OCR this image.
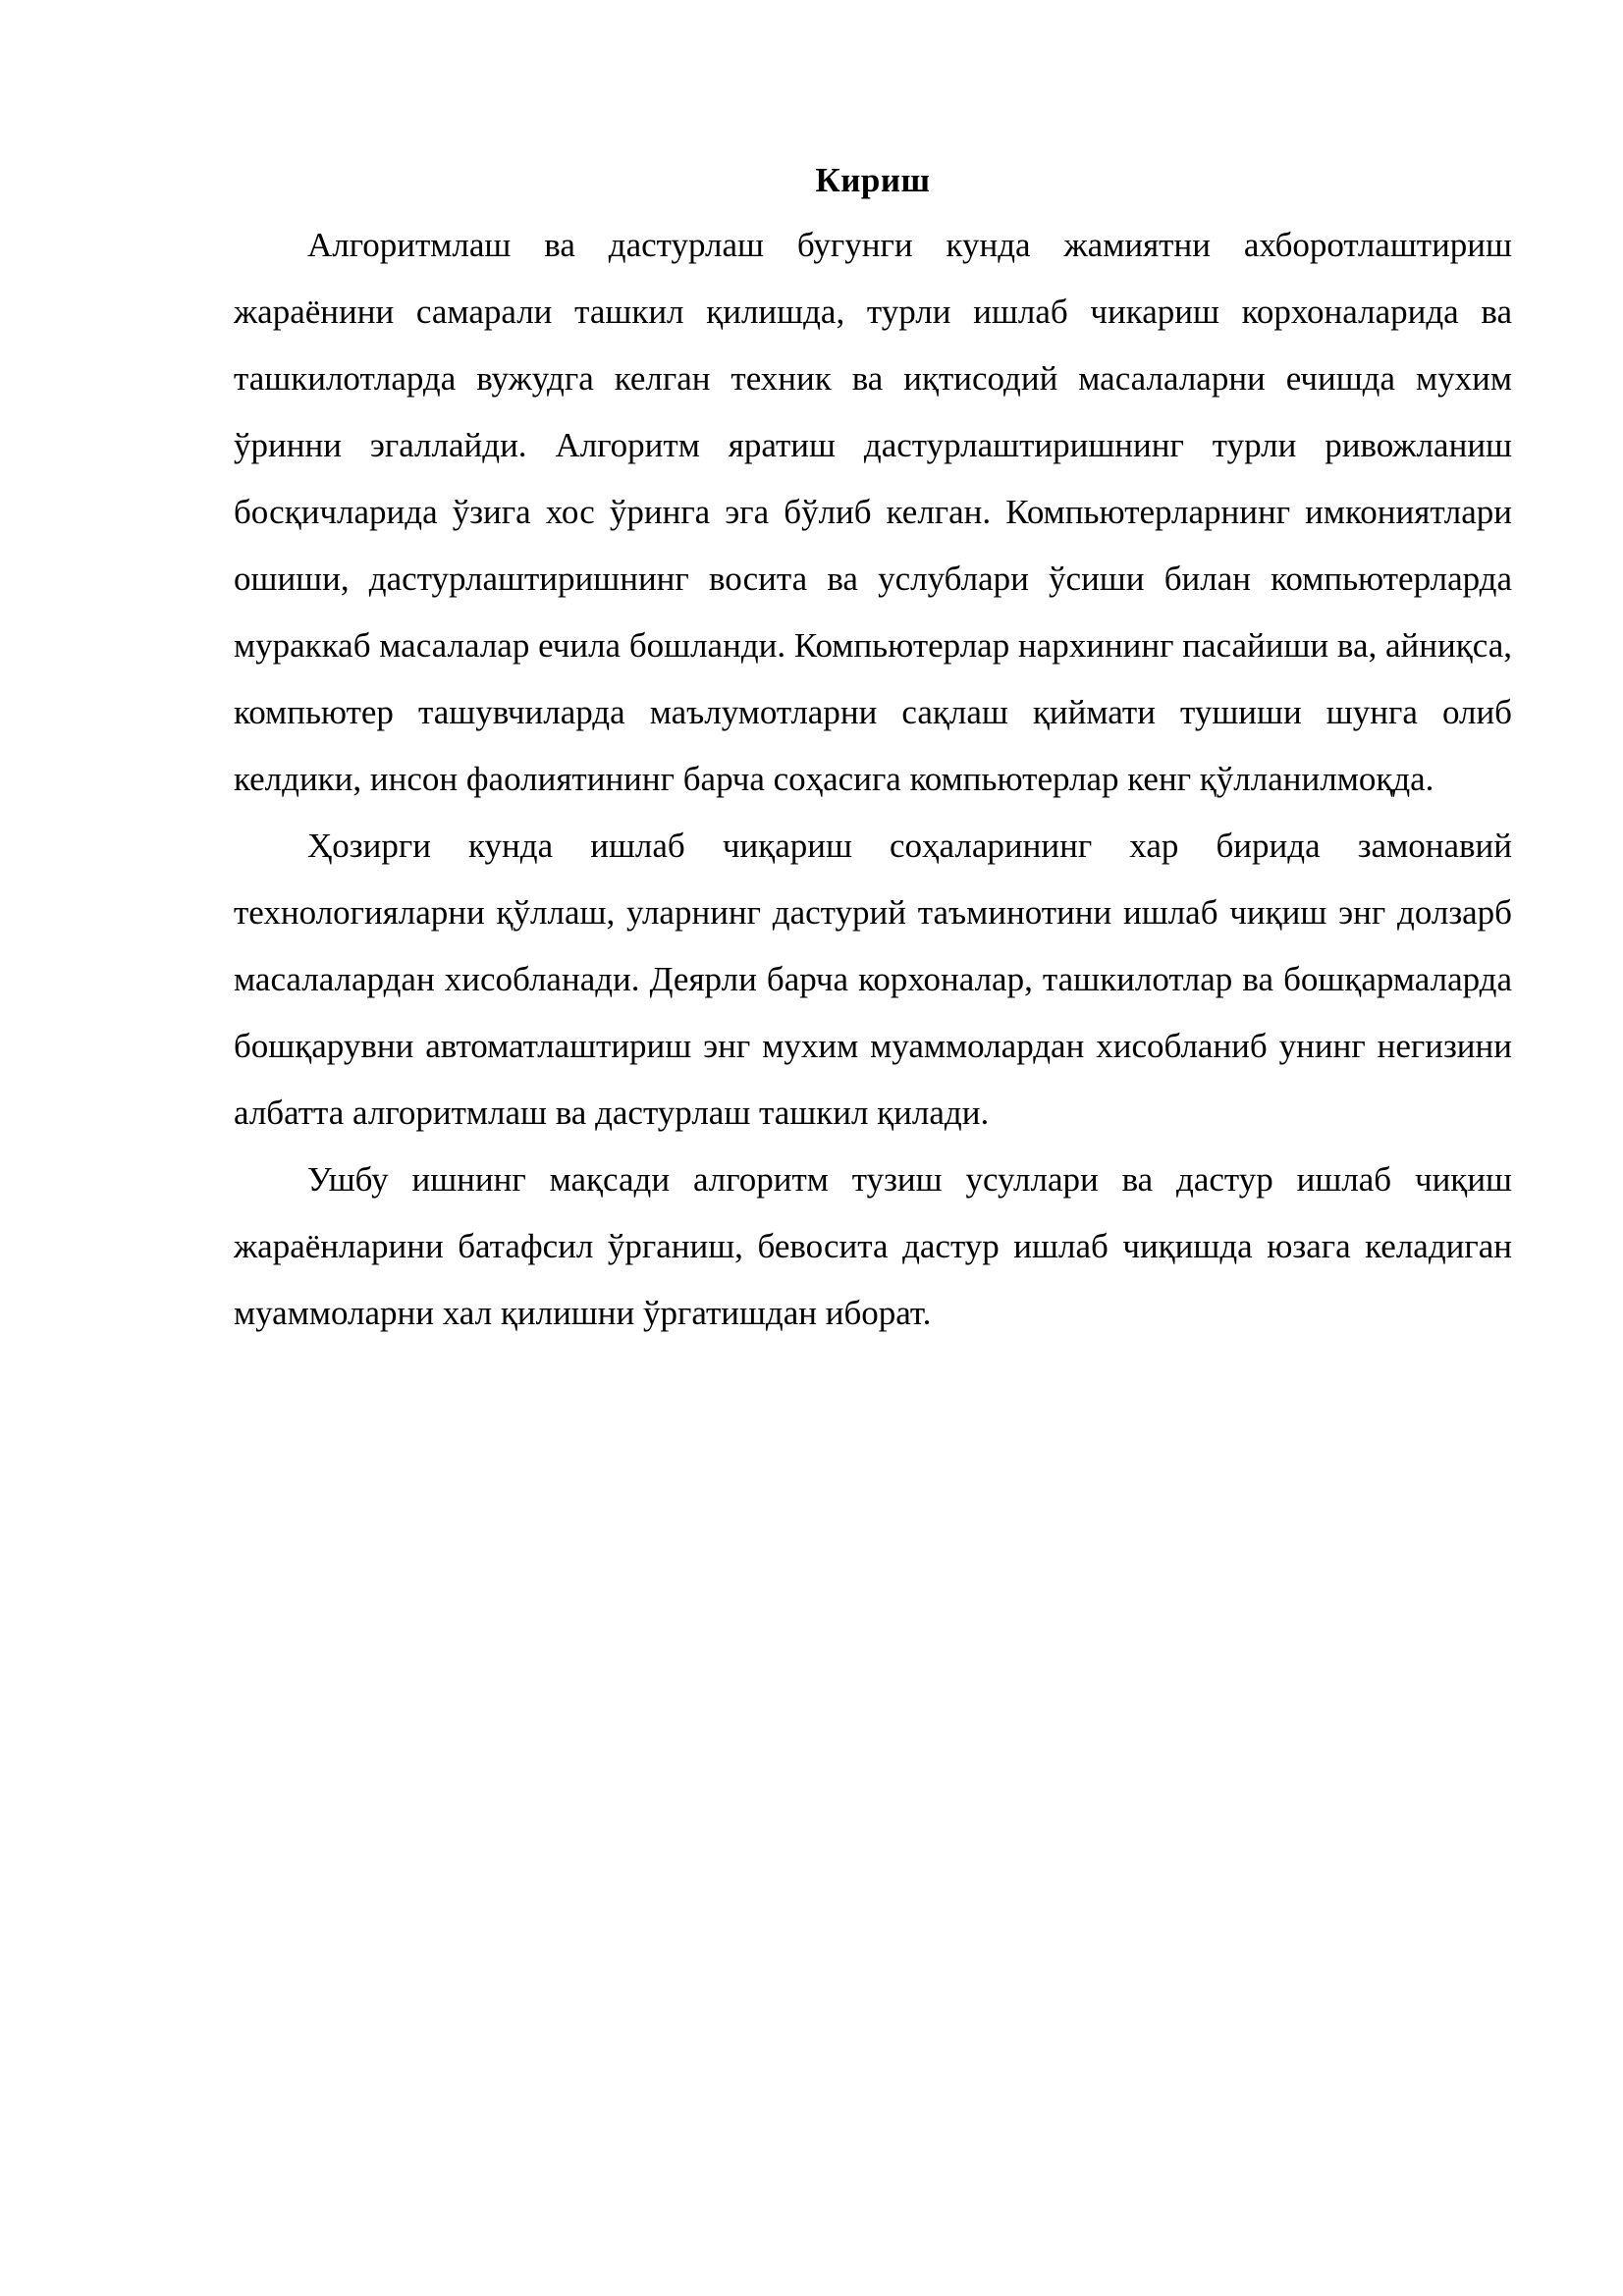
Кириш

Алгоритмлаш ва дастурлаш бугунги кунда жамиятни ахборотлаштириш жараёнини самарали ташкил қилишда, турли ишлаб чикариш корхоналарида ва ташкилотларда вужудга келган техник ва иқтисодий масалаларни ечишда мухим ўринни эгаллайди. Алгоритм яратиш дастурлаштиришнинг турли ривожланиш босқичларида ўзига хос ўринга эга бўлиб келган. Компьютерларнинг имкониятлари ошиши, дастурлаштиришнинг восита ва услублари ўсиши билан компьютерларда мураккаб масалалар ечила бошланди. Компьютерлар нархининг пасайиши ва, айниқса, компьютер ташувчиларда маълумотларни сақлаш қиймати тушиши шунга олиб келдики, инсон фаолиятининг барча соҳасига компьютерлар кенг қўлланилмоқда.

Ҳозирги кунда ишлаб чиқариш соҳаларининг хар бирида замонавий технологияларни қўллаш, уларнинг дастурий таъминотини ишлаб чиқиш энг долзарб масалалардан хисобланади. Деярли барча корхоналар, ташкилотлар ва бошқармаларда бошқарувни автоматлаштириш энг мухим муаммолардан хисобланиб унинг негизини албатта алгоритмлаш ва дастурлаш ташкил қилади.

Ушбу ишнинг мақсади алгоритм тузиш усуллари ва дастур ишлаб чиқиш жараёнларини батафсил ўрганиш, бевосита дастур ишлаб чиқишда юзага келадиган муаммоларни хал қилишни ўргатишдан иборат.
